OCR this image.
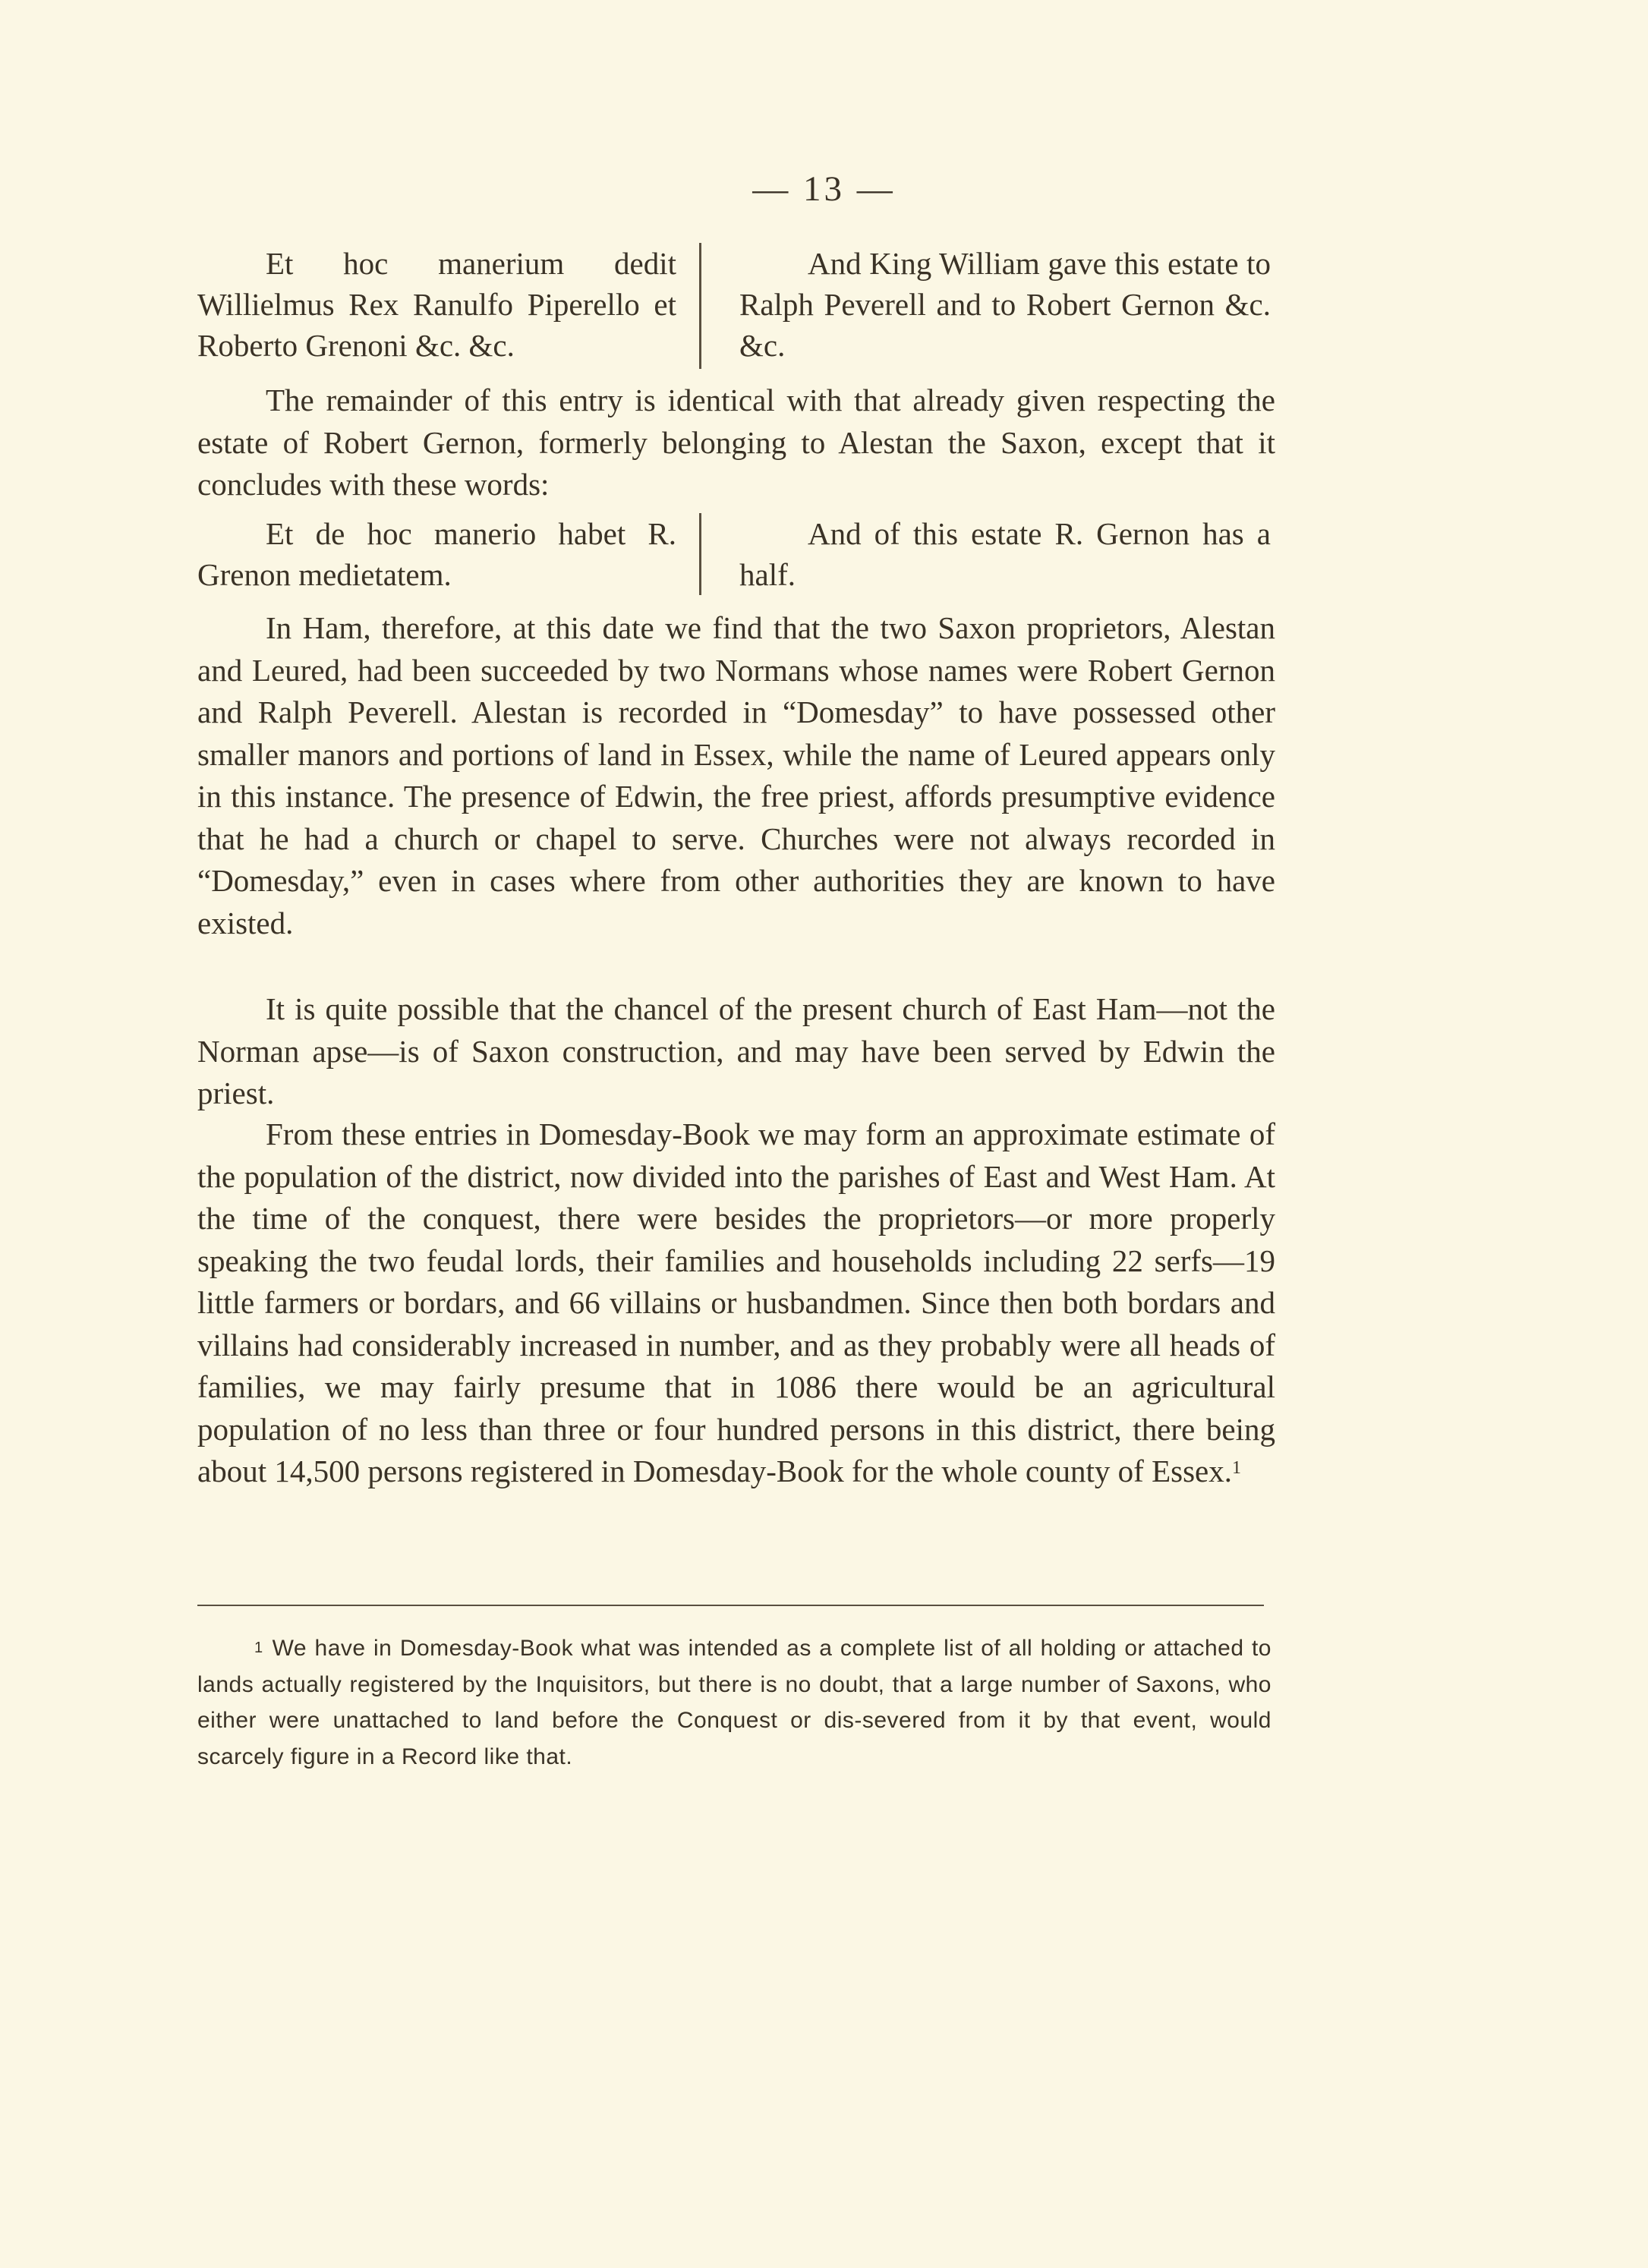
— 13 —
Et hoc manerium dedit Willielmus Rex Ranulfo Piperello et Roberto Grenoni &c. &c.
And King William gave this estate to Ralph Peverell and to Robert Gernon &c. &c.

The remainder of this entry is identical with that already given respecting the estate of Robert Gernon, formerly belonging to Alestan the Saxon, except that it concludes with these words:

Et de hoc manerio habet R. Grenon medietatem.
And of this estate R. Gernon has a half.

In Ham, therefore, at this date we find that the two Saxon proprietors, Alestan and Leured, had been succeeded by two Normans whose names were Robert Gernon and Ralph Peverell. Alestan is recorded in “Domesday” to have possessed other smaller manors and portions of land in Essex, while the name of Leured appears only in this instance. The presence of Edwin, the free priest, affords presumptive evidence that he had a church or chapel to serve. Churches were not always recorded in “Domesday,” even in cases where from other authorities they are known to have existed.

It is quite possible that the chancel of the present church of East Ham—not the Norman apse—is of Saxon construction, and may have been served by Edwin the priest.

From these entries in Domesday-Book we may form an approximate estimate of the population of the district, now divided into the parishes of East and West Ham. At the time of the conquest, there were besides the proprietors—or more properly speaking the two feudal lords, their families and households including 22 serfs—19 little farmers or bordars, and 66 villains or husbandmen. Since then both bordars and villains had considerably increased in number, and as they probably were all heads of families, we may fairly presume that in 1086 there would be an agricultural population of no less than three or four hundred persons in this district, there being about 14,500 persons registered in Domesday-Book for the whole county of Essex.$^1$

$^1$ We have in Domesday-Book what was intended as a complete list of all holding or attached to lands actually registered by the Inquisitors, but there is no doubt, that a large number of Saxons, who either were unattached to land before the Conquest or dis-severed from it by that event, would scarcely figure in a Record like that.
